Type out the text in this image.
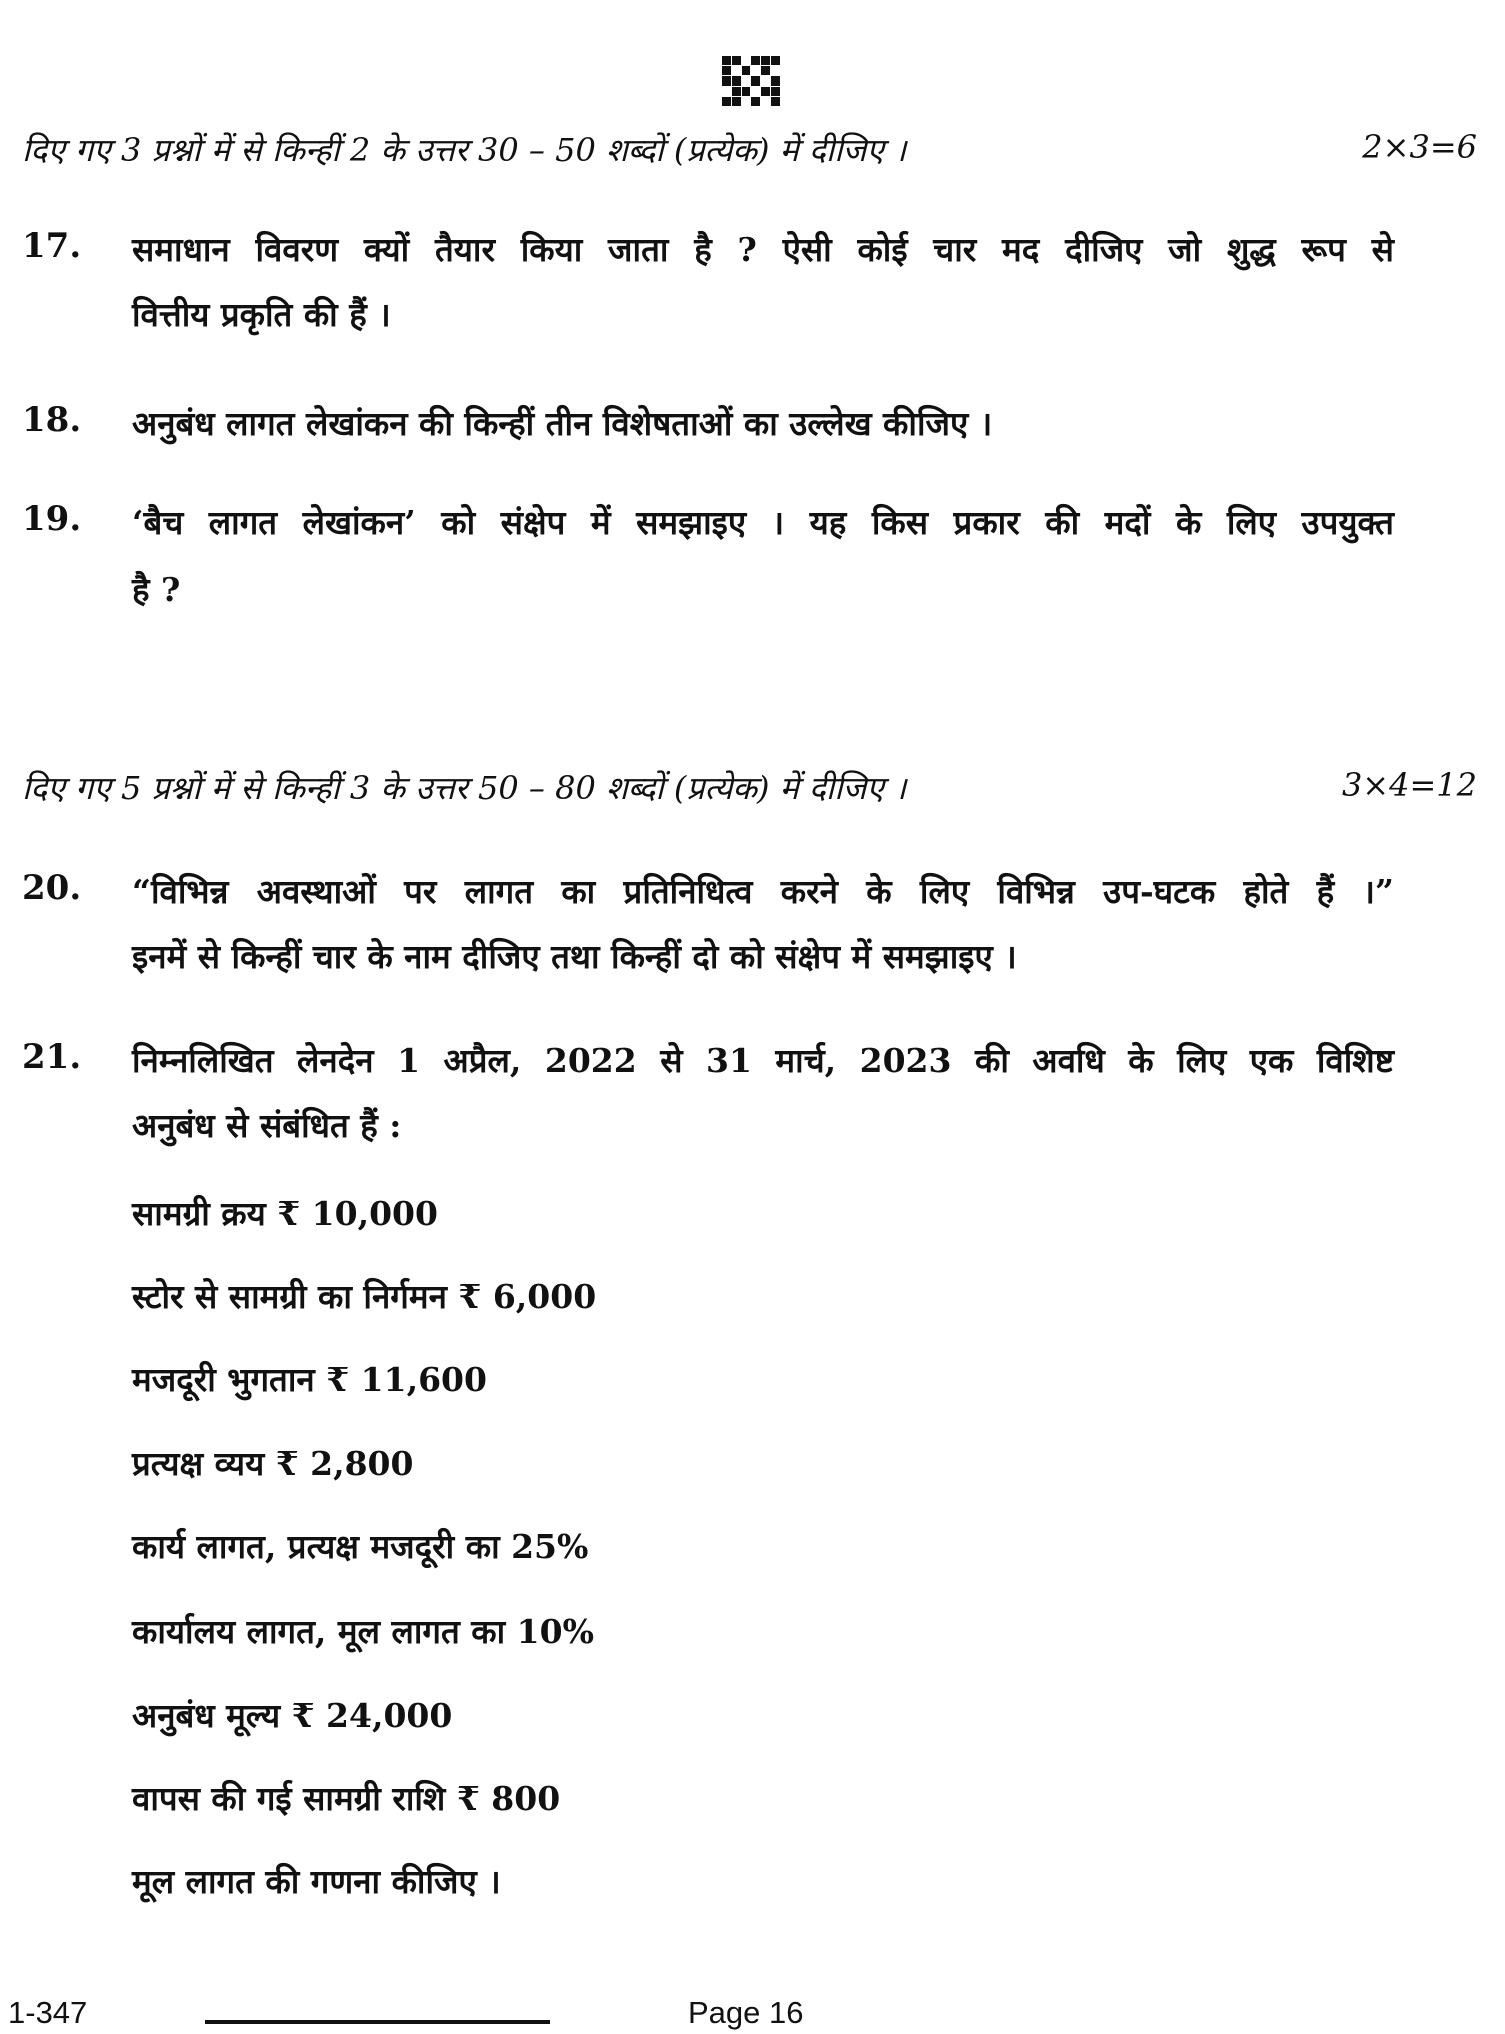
दिए गए 3 प्रश्नों में से किन्हीं 2 के उत्तर 30 – 50 शब्दों (प्रत्येक) में दीजिए ।	2×3=6
17. समाधान विवरण क्यों तैयार किया जाता है ? ऐसी कोई चार मद दीजिए जो शुद्ध रूप से
वित्तीय प्रकृति की हैं ।
18. अनुबंध लागत लेखांकन की किन्हीं तीन विशेषताओं का उल्लेख कीजिए ।
19. ‘बैच लागत लेखांकन’ को संक्षेप में समझाइए । यह किस प्रकार की मदों के लिए उपयुक्त
है ?
दिए गए 5 प्रश्नों में से किन्हीं 3 के उत्तर 50 – 80 शब्दों (प्रत्येक) में दीजिए ।	3×4=12
20. “विभिन्न अवस्थाओं पर लागत का प्रतिनिधित्व करने के लिए विभिन्न उप-घटक होते हैं ।”
इनमें से किन्हीं चार के नाम दीजिए तथा किन्हीं दो को संक्षेप में समझाइए ।
21. निम्नलिखित लेनदेन 1 अप्रैल, 2022 से 31 मार्च, 2023 की अवधि के लिए एक विशिष्ट
अनुबंध से संबंधित हैं :
सामग्री क्रय ₹ 10,000
स्टोर से सामग्री का निर्गमन ₹ 6,000
मजदूरी भुगतान ₹ 11,600
प्रत्यक्ष व्यय ₹ 2,800
कार्य लागत, प्रत्यक्ष मजदूरी का 25%
कार्यालय लागत, मूल लागत का 10%
अनुबंध मूल्य ₹ 24,000
वापस की गई सामग्री राशि ₹ 800
मूल लागत की गणना कीजिए ।
1-347	Page 16
